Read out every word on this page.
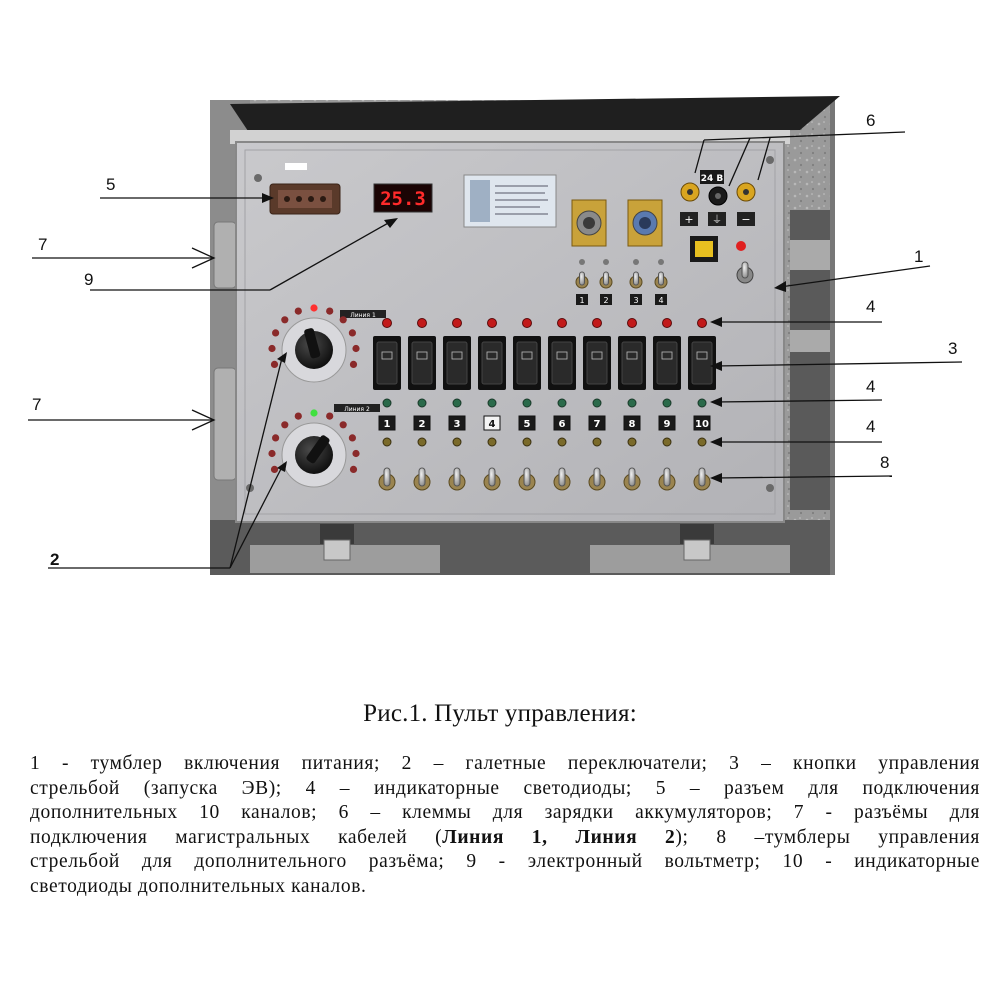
25.3
24 В
+ ⏚ −
1 2	3 4
Линия 1
Линия 2
1	2	3	4	5	6	7	8	9 10
5
7
9
7
2
6
1
4
3
4
4
8
Рис.1. Пульт управления:
1 - тумблер включения питания; 2 – галетные переключатели; 3 – кнопки управления
стрельбой (запуска ЭВ); 4 – индикаторные светодиоды; 5 – разъем для подключения
дополнительных 10 каналов; 6 – клеммы для зарядки аккумуляторов; 7 - разъёмы для
подключения магистральных кабелей (Линия 1, Линия 2); 8 –тумблеры управления
стрельбой для дополнительного разъёма; 9 - электронный вольтметр; 10 - индикаторные
светодиоды дополнительных каналов.
